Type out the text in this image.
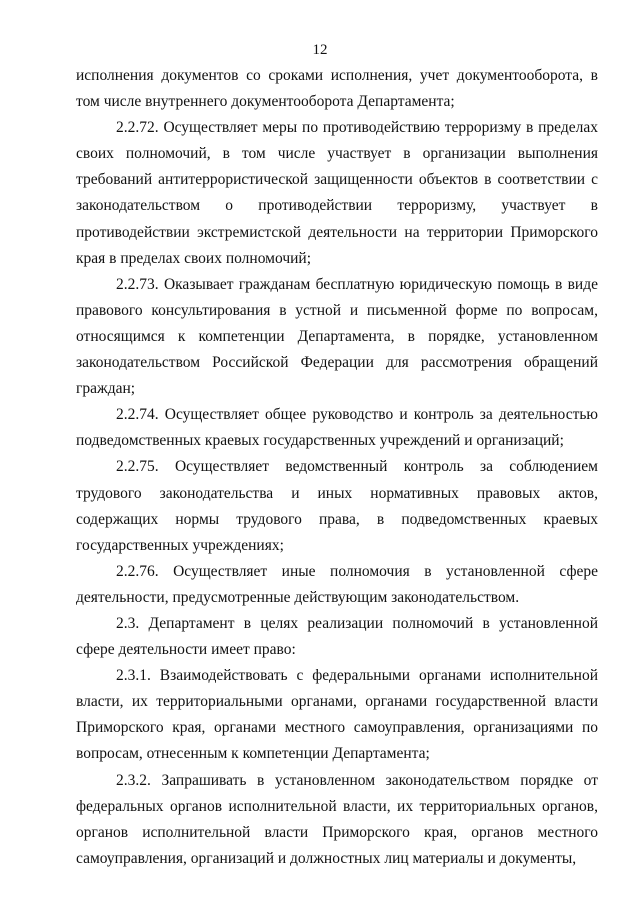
12

исполнения документов со сроками исполнения, учет документооборота, в том числе внутреннего документооборота Департамента;

2.2.72. Осуществляет меры по противодействию терроризму в пределах своих полномочий, в том числе участвует в организации выполнения требований антитеррористической защищенности объектов в соответствии с законодательством о противодействии терроризму, участвует в противодействии экстремистской деятельности на территории Приморского края в пределах своих полномочий;

2.2.73. Оказывает гражданам бесплатную юридическую помощь в виде правового консультирования в устной и письменной форме по вопросам, относящимся к компетенции Департамента, в порядке, установленном законодательством Российской Федерации для рассмотрения обращений граждан;

2.2.74. Осуществляет общее руководство и контроль за деятельностью подведомственных краевых государственных учреждений и организаций;

2.2.75. Осуществляет ведомственный контроль за соблюдением трудового законодательства и иных нормативных правовых актов, содержащих нормы трудового права, в подведомственных краевых государственных учреждениях;

2.2.76. Осуществляет иные полномочия в установленной сфере деятельности, предусмотренные действующим законодательством.

2.3. Департамент в целях реализации полномочий в установленной сфере деятельности имеет право:

2.3.1. Взаимодействовать с федеральными органами исполнительной власти, их территориальными органами, органами государственной власти Приморского края, органами местного самоуправления, организациями по вопросам, отнесенным к компетенции Департамента;

2.3.2. Запрашивать в установленном законодательством порядке от федеральных органов исполнительной власти, их территориальных органов, органов исполнительной власти Приморского края, органов местного самоуправления, организаций и должностных лиц материалы и документы,
